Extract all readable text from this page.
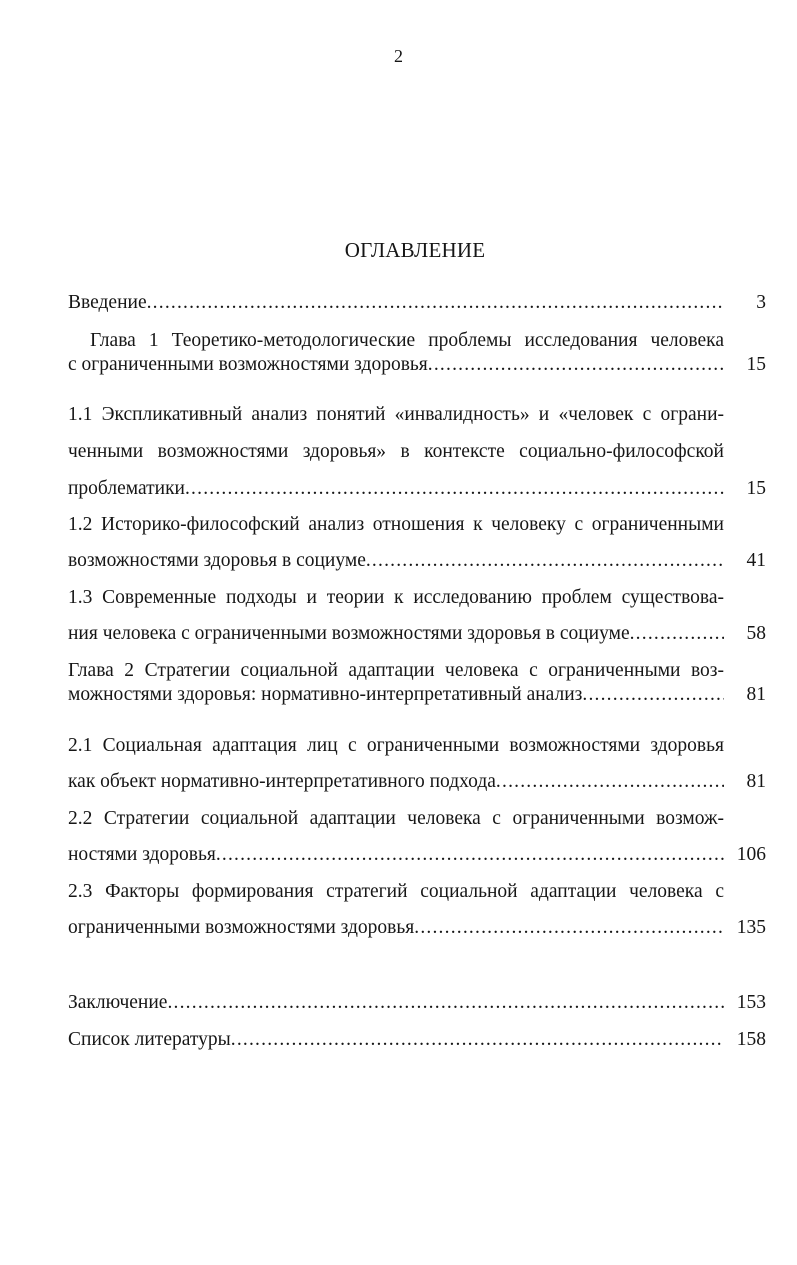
2
ОГЛАВЛЕНИЕ
Введение .....	3
Глава 1 Теоретико-методологические проблемы исследования человека
с ограниченными возможностями здоровья .....	15
1.1 Экспликативный анализ понятий «инвалидность» и «человек с ограни-
ченными возможностями здоровья» в контексте социально-философской
проблематики .....	15
1.2 Историко-философский анализ отношения к человеку с ограниченными
возможностями здоровья в социуме .....	41
1.3 Современные подходы и теории к исследованию проблем существова-
ния человека с ограниченными возможностями здоровья в социуме .....	58
Глава 2 Стратегии социальной адаптации человека с ограниченными воз-
можностями здоровья: нормативно-интерпретативный анализ .....	81
2.1 Социальная адаптация лиц с ограниченными возможностями здоровья
как объект нормативно-интерпретативного подхода .....	81
2.2 Стратегии социальной адаптации человека с ограниченными возмож-
ностями здоровья .....	106
2.3 Факторы формирования стратегий социальной адаптации человека с
ограниченными возможностями здоровья .....	135
Заключение .....	153
Список литературы .....	158
